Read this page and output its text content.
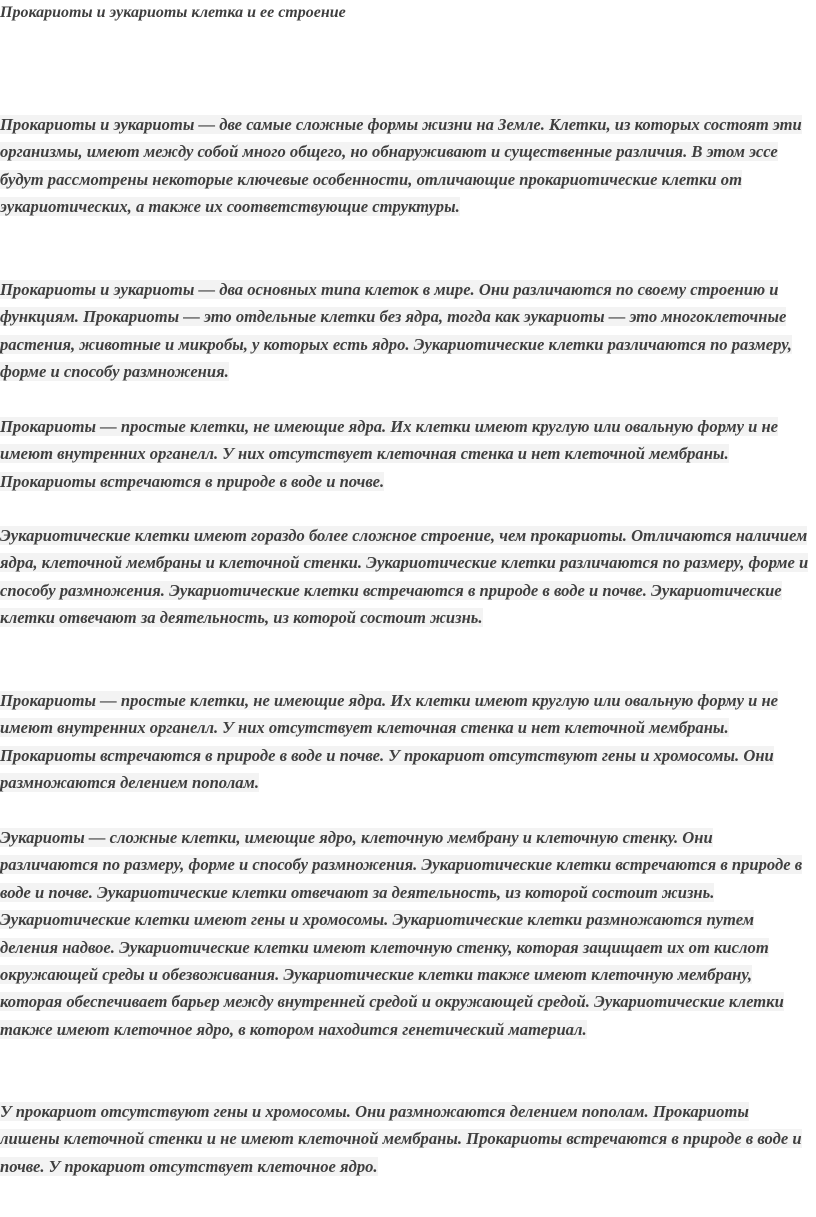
Прокариоты и эукариоты клетка и ее строение

Прокариоты и эукариоты — две самые сложные формы жизни на Земле. Клетки, из которых состоят эти организмы, имеют между собой много общего, но обнаруживают и существенные различия. В этом эссе будут рассмотрены некоторые ключевые особенности, отличающие прокариотические клетки от эукариотических, а также их соответствующие структуры.

Прокариоты и эукариоты — два основных типа клеток в мире. Они различаются по своему строению и функциям. Прокариоты — это отдельные клетки без ядра, тогда как эукариоты — это многоклеточные растения, животные и микробы, у которых есть ядро. Эукариотические клетки различаются по размеру, форме и способу размножения.

Прокариоты — простые клетки, не имеющие ядра. Их клетки имеют круглую или овальную форму и не имеют внутренних органелл. У них отсутствует клеточная стенка и нет клеточной мембраны. Прокариоты встречаются в природе в воде и почве.

Эукариотические клетки имеют гораздо более сложное строение, чем прокариоты. Отличаются наличием ядра, клеточной мембраны и клеточной стенки. Эукариотические клетки различаются по размеру, форме и способу размножения. Эукариотические клетки встречаются в природе в воде и почве. Эукариотические клетки отвечают за деятельность, из которой состоит жизнь.

Прокариоты — простые клетки, не имеющие ядра. Их клетки имеют круглую или овальную форму и не имеют внутренних органелл. У них отсутствует клеточная стенка и нет клеточной мембраны. Прокариоты встречаются в природе в воде и почве. У прокариот отсутствуют гены и хромосомы. Они размножаются делением пополам.

Эукариоты — сложные клетки, имеющие ядро, клеточную мембрану и клеточную стенку. Они различаются по размеру, форме и способу размножения. Эукариотические клетки встречаются в природе в воде и почве. Эукариотические клетки отвечают за деятельность, из которой состоит жизнь. Эукариотические клетки имеют гены и хромосомы. Эукариотические клетки размножаются путем деления надвое. Эукариотические клетки имеют клеточную стенку, которая защищает их от кислот окружающей среды и обезвоживания. Эукариотические клетки также имеют клеточную мембрану, которая обеспечивает барьер между внутренней средой и окружающей средой. Эукариотические клетки также имеют клеточное ядро, в котором находится генетический материал.

У прокариот отсутствуют гены и хромосомы. Они размножаются делением пополам. Прокариоты лишены клеточной стенки и не имеют клеточной мембраны. Прокариоты встречаются в природе в воде и почве. У прокариот отсутствует клеточное ядро.
